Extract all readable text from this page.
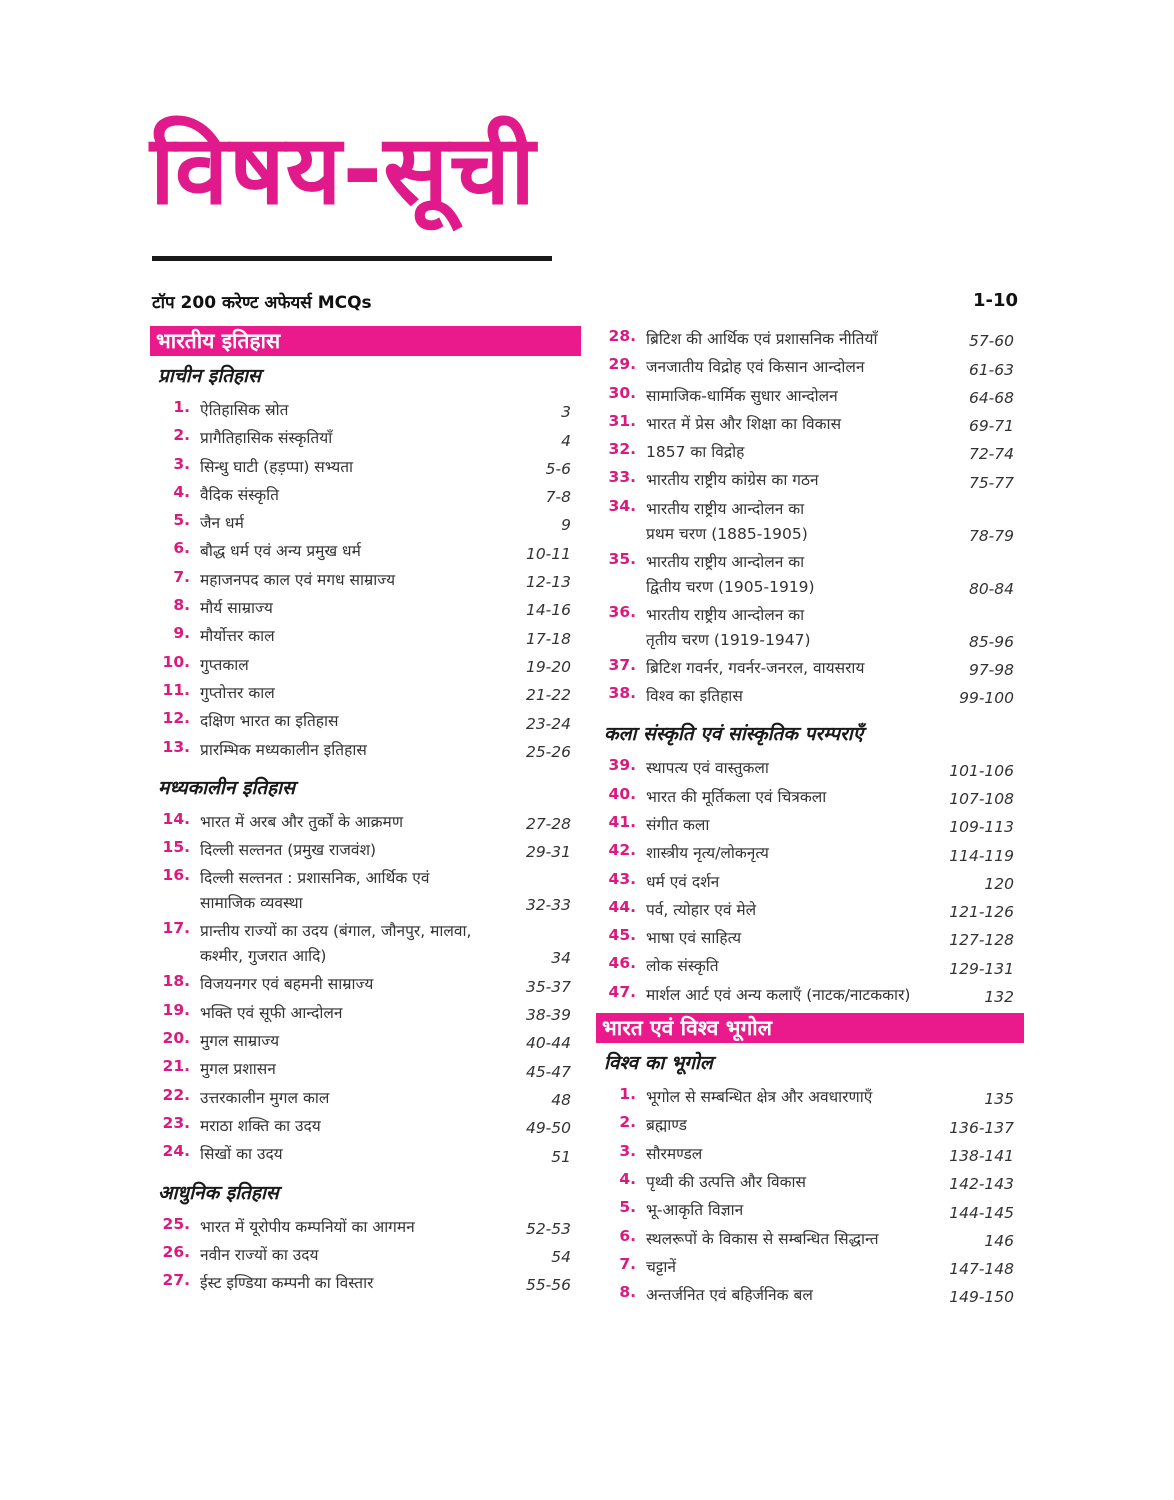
विषय-सूची
टॉप 200 करेण्ट अफेयर्स MCQs	1-10
भारतीय इतिहास
प्राचीन इतिहास
1. ऐतिहासिक स्रोत	3
2. प्रागैतिहासिक संस्कृतियाँ	4
3. सिन्धु घाटी (हड़प्पा) सभ्यता	5-6
4. वैदिक संस्कृति	7-8
5. जैन धर्म	9
6. बौद्ध धर्म एवं अन्य प्रमुख धर्म	10-11
7. महाजनपद काल एवं मगध साम्राज्य	12-13
8. मौर्य साम्राज्य	14-16
9. मौर्योत्तर काल	17-18
10. गुप्तकाल	19-20
11. गुप्तोत्तर काल	21-22
12. दक्षिण भारत का इतिहास	23-24
13. प्रारम्भिक मध्यकालीन इतिहास	25-26
मध्यकालीन इतिहास
14. भारत में अरब और तुर्कों के आक्रमण	27-28
15. दिल्ली सल्तनत (प्रमुख राजवंश)	29-31
16. दिल्ली सल्तनत : प्रशासनिक, आर्थिक एवं
सामाजिक व्यवस्था	32-33
17. प्रान्तीय राज्यों का उदय (बंगाल, जौनपुर, मालवा,
कश्मीर, गुजरात आदि)	34
18. विजयनगर एवं बहमनी साम्राज्य	35-37
19. भक्ति एवं सूफी आन्दोलन	38-39
20. मुगल साम्राज्य	40-44
21. मुगल प्रशासन	45-47
22. उत्तरकालीन मुगल काल	48
23. मराठा शक्ति का उदय	49-50
24. सिखों का उदय	51
आधुनिक इतिहास
25. भारत में यूरोपीय कम्पनियों का आगमन	52-53
26. नवीन राज्यों का उदय	54
27. ईस्ट इण्डिया कम्पनी का विस्तार	55-56
28. ब्रिटिश की आर्थिक एवं प्रशासनिक नीतियाँ	57-60
29. जनजातीय विद्रोह एवं किसान आन्दोलन	61-63
30. सामाजिक-धार्मिक सुधार आन्दोलन	64-68
31. भारत में प्रेस और शिक्षा का विकास	69-71
32. 1857 का विद्रोह	72-74
33. भारतीय राष्ट्रीय कांग्रेस का गठन	75-77
34. भारतीय राष्ट्रीय आन्दोलन का
प्रथम चरण (1885-1905)	78-79
35. भारतीय राष्ट्रीय आन्दोलन का
द्वितीय चरण (1905-1919)	80-84
36. भारतीय राष्ट्रीय आन्दोलन का
तृतीय चरण (1919-1947)	85-96
37. ब्रिटिश गवर्नर, गवर्नर-जनरल, वायसराय	97-98
38. विश्व का इतिहास	99-100
कला संस्कृति एवं सांस्कृतिक परम्पराएँ
39. स्थापत्य एवं वास्तुकला	101-106
40. भारत की मूर्तिकला एवं चित्रकला	107-108
41. संगीत कला	109-113
42. शास्त्रीय नृत्य/लोकनृत्य	114-119
43. धर्म एवं दर्शन	120
44. पर्व, त्योहार एवं मेले	121-126
45. भाषा एवं साहित्य	127-128
46. लोक संस्कृति	129-131
47. मार्शल आर्ट एवं अन्य कलाएँ (नाटक/नाटककार)	132
भारत एवं विश्व भूगोल
विश्व का भूगोल
1. भूगोल से सम्बन्धित क्षेत्र और अवधारणाएँ	135
2. ब्रह्माण्ड	136-137
3. सौरमण्डल	138-141
4. पृथ्वी की उत्पत्ति और विकास	142-143
5. भू-आकृति विज्ञान	144-145
6. स्थलरूपों के विकास से सम्बन्धित सिद्धान्त	146
7. चट्टानें	147-148
8. अन्तर्जनित एवं बहिर्जनिक बल	149-150
